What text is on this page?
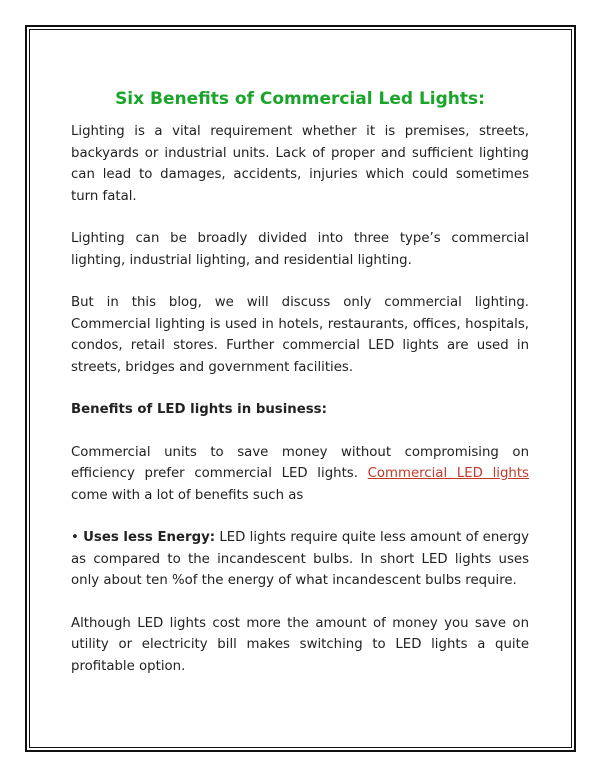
Six Benefits of Commercial Led Lights:

Lighting is a vital requirement whether it is premises, streets, backyards or industrial units. Lack of proper and sufficient lighting can lead to damages, accidents, injuries which could sometimes turn fatal.

Lighting can be broadly divided into three type’s commercial lighting, industrial lighting, and residential lighting.

But in this blog, we will discuss only commercial lighting. Commercial lighting is used in hotels, restaurants, offices, hospitals, condos, retail stores. Further commercial LED lights are used in streets, bridges and government facilities.

Benefits of LED lights in business:

Commercial units to save money without compromising on efficiency prefer commercial LED lights. Commercial LED lights come with a lot of benefits such as

• Uses less Energy: LED lights require quite less amount of energy as compared to the incandescent bulbs. In short LED lights uses only about ten %of the energy of what incandescent bulbs require.

Although LED lights cost more the amount of money you save on utility or electricity bill makes switching to LED lights a quite profitable option.
